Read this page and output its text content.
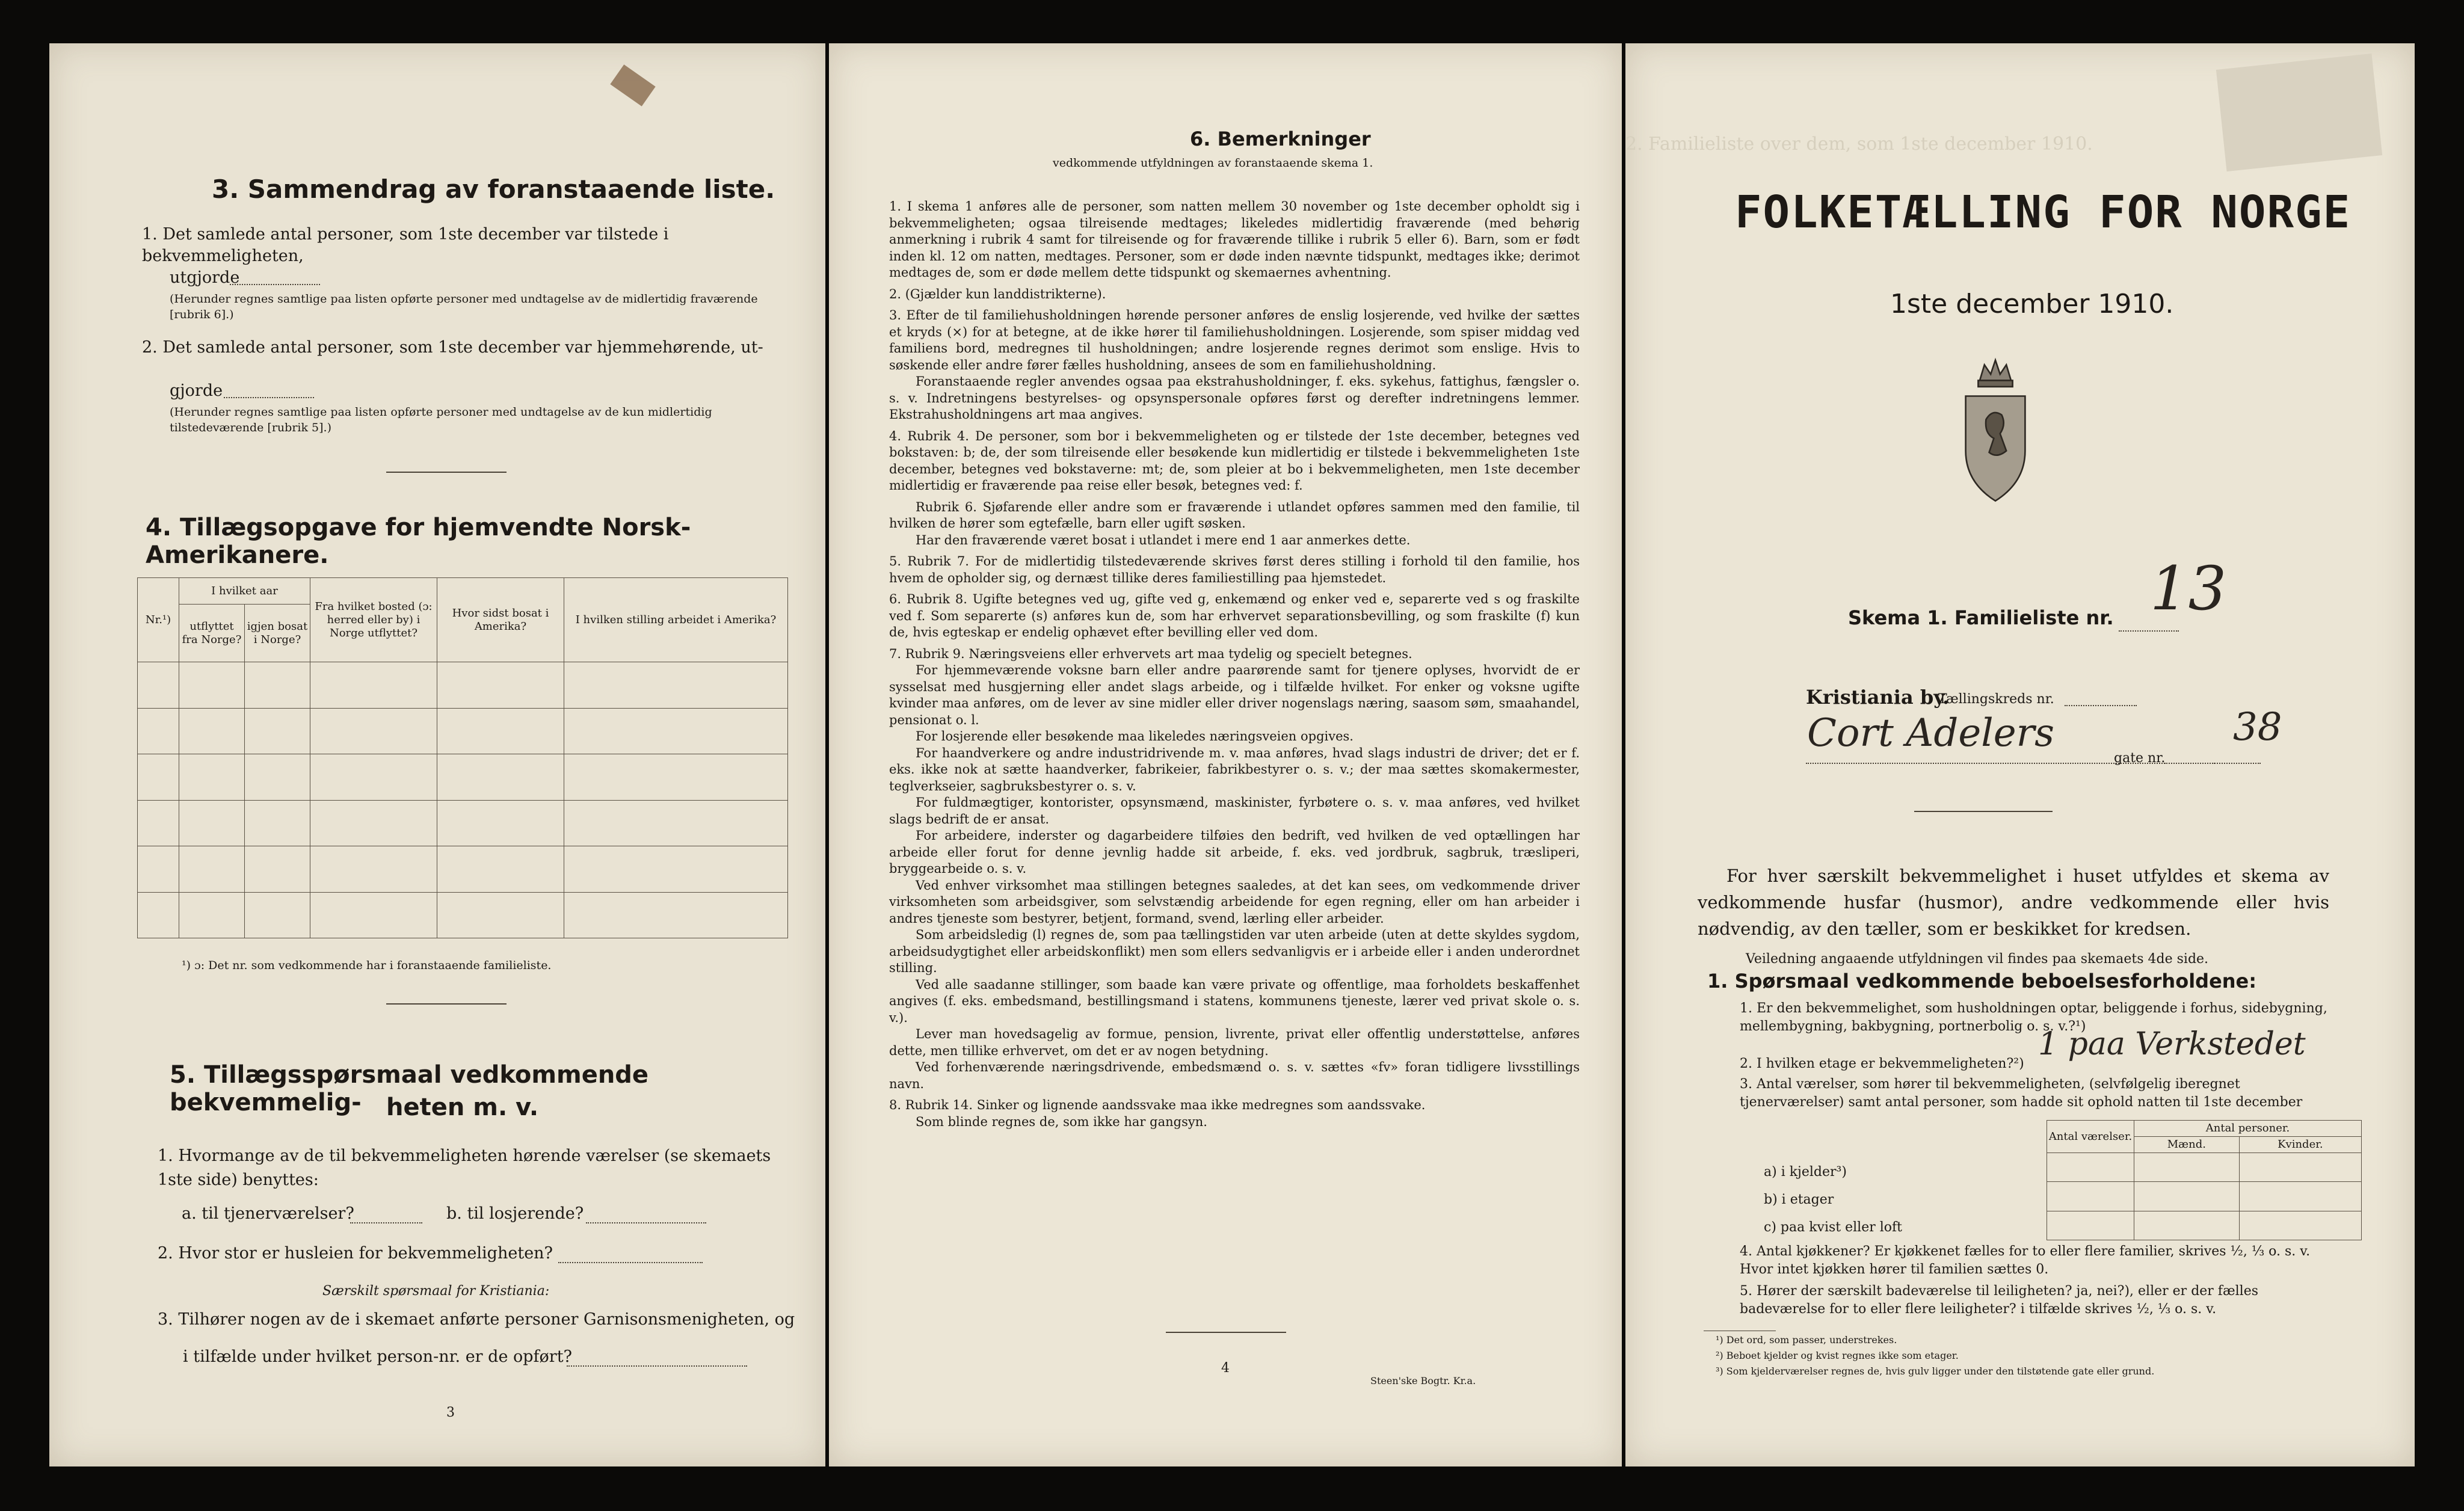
3. Sammendrag av foranstaaende liste.
1. Det samlede antal personer, som 1ste december var tilstede i bekvemmeligheten,
utgjorde
(Herunder regnes samtlige paa listen opførte personer med undtagelse av de midlertidig fraværende [rubrik 6].)
2. Det samlede antal personer, som 1ste december var hjemmehørende, ut-
gjorde
(Herunder regnes samtlige paa listen opførte personer med undtagelse av de kun midlertidig tilstedeværende [rubrik 5].)
4. Tillægsopgave for hjemvendte Norsk-Amerikanere.
Nr.¹)	I hvilket aar		Fra hvilket bosted (ɔ: herred eller by) i Norge utflyttet?	Hvor sidst bosat i Amerika?	I hvilken stilling arbeidet i Amerika?
	utflyttet fra Norge?	igjen bosat i Norge?			

¹) ɔ: Det nr. som vedkommende har i foranstaaende familieliste.
5. Tillægsspørsmaal vedkommende bekvemmelig-	heten m. v.
1. Hvormange av de til bekvemmeligheten hørende værelser (se skemaets 1ste side) benyttes:
a. til tjenerværelser?	b. til losjerende?
2. Hvor stor er husleien for bekvemmeligheten?
Særskilt spørsmaal for Kristiania:
3. Tilhører nogen av de i skemaet anførte personer Garnisonsmenigheten, og
i tilfælde under hvilket person-nr. er de opført?
3
6. Bemerkninger
vedkommende utfyldningen av foranstaaende skema 1.
1. I skema 1 anføres alle de personer, som natten mellem 30 november og 1ste december opholdt sig i bekvemmeligheten; ogsaa tilreisende medtages; likeledes midlertidig fraværende (med behørig anmerkning i rubrik 4 samt for tilreisende og for fraværende tillike i rubrik 5 eller 6). Barn, som er født inden kl. 12 om natten, medtages. Personer, som er døde inden nævnte tidspunkt, medtages ikke; derimot medtages de, som er døde mellem dette tidspunkt og skemaernes avhentning.
2. (Gjælder kun landdistrikterne).
3. Efter de til familiehusholdningen hørende personer anføres de enslig losjerende, ved hvilke der sættes et kryds (×) for at betegne, at de ikke hører til familiehusholdningen. Losjerende, som spiser middag ved familiens bord, medregnes til husholdningen; andre losjerende regnes derimot som enslige. Hvis to søskende eller andre fører fælles husholdning, ansees de som en familiehusholdning.
Foranstaaende regler anvendes ogsaa paa ekstrahusholdninger, f. eks. sykehus, fattighus, fængsler o. s. v. Indretningens bestyrelses- og opsynspersonale opføres først og derefter indretningens lemmer. Ekstrahusholdningens art maa angives.
4. Rubrik 4. De personer, som bor i bekvemmeligheten og er tilstede der 1ste december, betegnes ved bokstaven: b; de, der som tilreisende eller besøkende kun midlertidig er tilstede i bekvemmeligheten 1ste december, betegnes ved bokstaverne: mt; de, som pleier at bo i bekvemmeligheten, men 1ste december midlertidig er fraværende paa reise eller besøk, betegnes ved: f.
Rubrik 6. Sjøfarende eller andre som er fraværende i utlandet opføres sammen med den familie, til hvilken de hører som egtefælle, barn eller ugift søsken.
Har den fraværende været bosat i utlandet i mere end 1 aar anmerkes dette.
5. Rubrik 7. For de midlertidig tilstedeværende skrives først deres stilling i forhold til den familie, hos hvem de opholder sig, og dernæst tillike deres familiestilling paa hjemstedet.
6. Rubrik 8. Ugifte betegnes ved ug, gifte ved g, enkemænd og enker ved e, separerte ved s og fraskilte ved f. Som separerte (s) anføres kun de, som har erhvervet separationsbevilling, og som fraskilte (f) kun de, hvis egteskap er endelig ophævet efter bevilling eller ved dom.
7. Rubrik 9. Næringsveiens eller erhvervets art maa tydelig og specielt betegnes.
For hjemmeværende voksne barn eller andre paarørende samt for tjenere oplyses, hvorvidt de er sysselsat med husgjerning eller andet slags arbeide, og i tilfælde hvilket. For enker og voksne ugifte kvinder maa anføres, om de lever av sine midler eller driver nogenslags næring, saasom søm, smaahandel, pensionat o. l.
For losjerende eller besøkende maa likeledes næringsveien opgives.
For haandverkere og andre industridrivende m. v. maa anføres, hvad slags industri de driver; det er f. eks. ikke nok at sætte haandverker, fabrikeier, fabrikbestyrer o. s. v.; der maa sættes skomakermester, teglverkseier, sagbruksbestyrer o. s. v.
For fuldmægtiger, kontorister, opsynsmænd, maskinister, fyrbøtere o. s. v. maa anføres, ved hvilket slags bedrift de er ansat.
For arbeidere, inderster og dagarbeidere tilføies den bedrift, ved hvilken de ved optællingen har arbeide eller forut for denne jevnlig hadde sit arbeide, f. eks. ved jordbruk, sagbruk, træsliperi, bryggearbeide o. s. v.
Ved enhver virksomhet maa stillingen betegnes saaledes, at det kan sees, om vedkommende driver virksomheten som arbeidsgiver, som selvstændig arbeidende for egen regning, eller om han arbeider i andres tjeneste som bestyrer, betjent, formand, svend, lærling eller arbeider.
Som arbeidsledig (l) regnes de, som paa tællingstiden var uten arbeide (uten at dette skyldes sygdom, arbeidsudygtighet eller arbeidskonflikt) men som ellers sedvanligvis er i arbeide eller i anden underordnet stilling.
Ved alle saadanne stillinger, som baade kan være private og offentlige, maa forholdets beskaffenhet angives (f. eks. embedsmand, bestillingsmand i statens, kommunens tjeneste, lærer ved privat skole o. s. v.).
Lever man hovedsagelig av formue, pension, livrente, privat eller offentlig understøttelse, anføres dette, men tillike erhvervet, om det er av nogen betydning.
Ved forhenværende næringsdrivende, embedsmænd o. s. v. sættes «fv» foran tidligere livsstillings navn.
8. Rubrik 14. Sinker og lignende aandssvake maa ikke medregnes som aandssvake.
Som blinde regnes de, som ikke har gangsyn.
4
Steen'ske Bogtr. Kr.a.
2. Familieliste over dem, som 1ste december 1910.
FOLKETÆLLING FOR NORGE
1ste december 1910.
Skema 1. Familieliste nr. 13
Kristiania by.
Tællingskreds nr.
Cort Adelers
gate nr.
38
For hver særskilt bekvemmelighet i huset utfyldes et skema av vedkommende husfar (husmor), andre vedkommende eller hvis nødvendig, av den tæller, som er beskikket for kredsen.
Veiledning angaaende utfyldningen vil findes paa skemaets 4de side.
1. Spørsmaal vedkommende beboelsesforholdene:
1. Er den bekvemmelighet, som husholdningen optar, beliggende i forhus, sidebygning, mellembygning, bakbygning, portnerbolig o. s. v.?¹)
2. I hvilken etage er bekvemmeligheten?²)
1 paa Verkstedet
3. Antal værelser, som hører til bekvemmeligheten, (selvfølgelig iberegnet tjenerværelser) samt antal personer, som hadde sit ophold natten til 1ste december
Antal værelser.	Antal personer.	
	Mænd.	Kvinder.

a) i kjelder³)
b) i etager
c) paa kvist eller loft
4. Antal kjøkkener? Er kjøkkenet fælles for to eller flere familier, skrives ½, ⅓ o. s. v. Hvor intet kjøkken hører til familien sættes 0.
5. Hører der særskilt badeværelse til leiligheten? ja, nei?), eller er der fælles badeværelse for to eller flere leiligheter? i tilfælde skrives ½, ⅓ o. s. v.
¹) Det ord, som passer, understrekes.
²) Beboet kjelder og kvist regnes ikke som etager.
³) Som kjelderværelser regnes de, hvis gulv ligger under den tilstøtende gate eller grund.
